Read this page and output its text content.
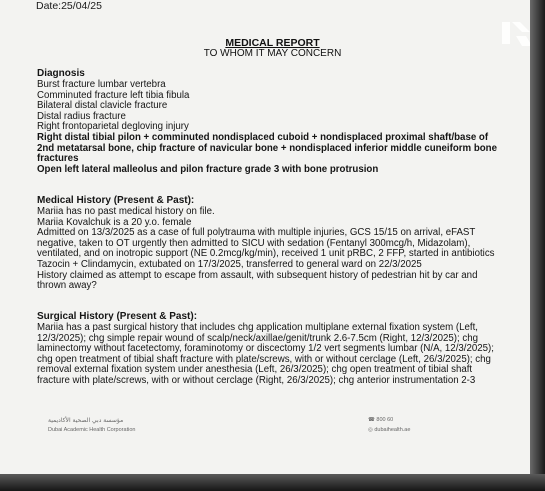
Date:25/04/25
MEDICAL REPORT
TO WHOM IT MAY CONCERN
Diagnosis
Burst fracture lumbar vertebra
Comminuted fracture left tibia fibula
Bilateral distal clavicle fracture
Distal radius fracture
Right frontoparietal degloving injury
Right distal tibial pilon + comminuted nondisplaced cuboid + nondisplaced proximal shaft/base of
2nd metatarsal bone, chip fracture of navicular bone + nondisplaced inferior middle cuneiform bone
fractures
Open left lateral malleolus and pilon fracture grade 3 with bone protrusion
Medical History (Present & Past):
Mariia has no past medical history on file.
Mariia Kovalchuk is a 20 y.o. female
Admitted on 13/3/2025 as a case of full polytrauma with multiple injuries, GCS 15/15 on arrival, eFAST
negative, taken to OT urgently then admitted to SICU with sedation (Fentanyl 300mcg/h, Midazolam),
ventilated, and on inotropic support (NE 0.2mcg/kg/min), received 1 unit pRBC, 2 FFP, started in antibiotics
Tazocin + Clindamycin, extubated on 17/3/2025, transferred to general ward on 22/3/2025
History claimed as attempt to escape from assault, with subsequent history of pedestrian hit by car and
thrown away?
Surgical History (Present & Past):
Mariia has a past surgical history that includes chg application multiplane external fixation system (Left,
12/3/2025); chg simple repair wound of scalp/neck/axillae/genit/trunk 2.6-7.5cm (Right, 12/3/2025); chg
laminectomy without facetectomy, foraminotomy or discectomy 1/2 vert segments lumbar (N/A, 12/3/2025);
chg open treatment of tibial shaft fracture with plate/screws, with or without cerclage (Left, 26/3/2025); chg
removal external fixation system under anesthesia (Left, 26/3/2025); chg open treatment of tibial shaft
fracture with plate/screws, with or without cerclage (Right, 26/3/2025); chg anterior instrumentation 2-3
مؤسسة دبي الصحية الأكاديمية
Dubai Academic Health Corporation
☎ 800 60
◎ dubaihealth.ae
